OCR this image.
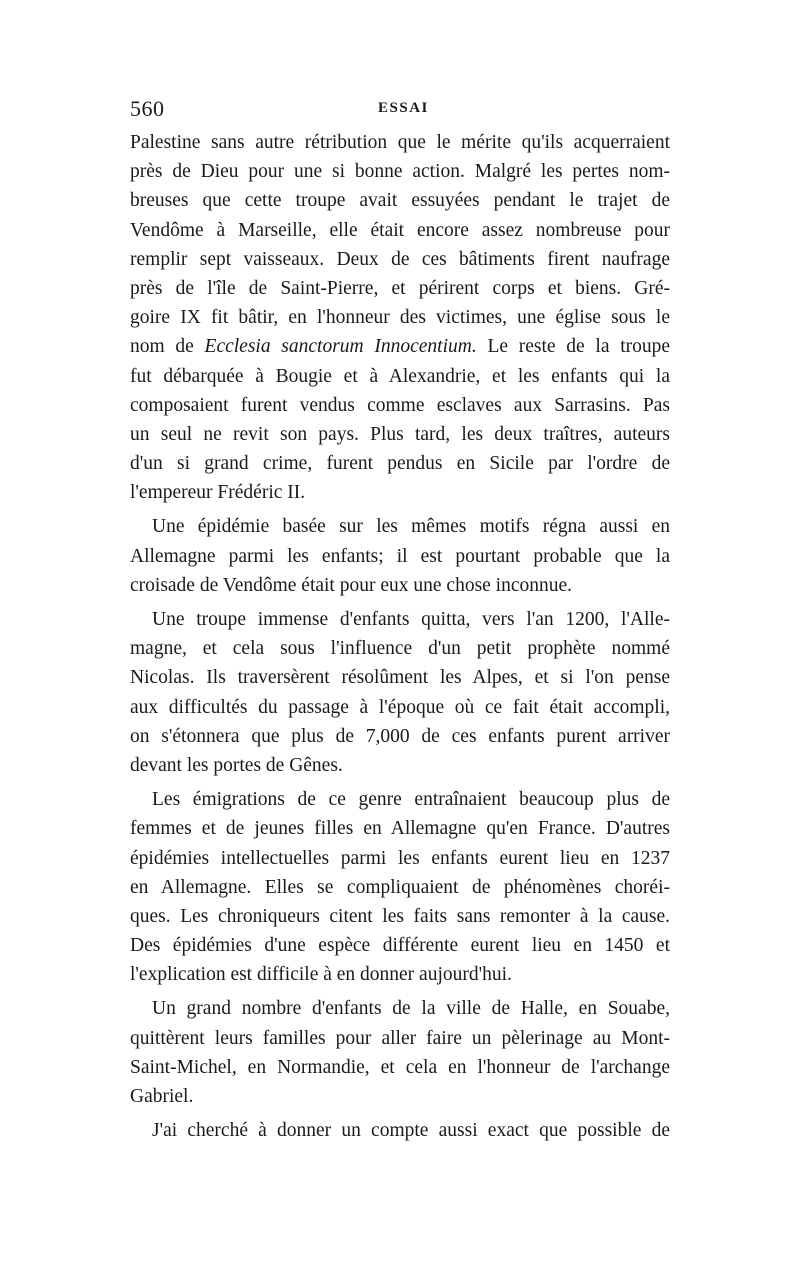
560	ESSAI
Palestine sans autre rétribution que le mérite qu'ils acquerraient
près de Dieu pour une si bonne action. Malgré les pertes nom-
breuses que cette troupe avait essuyées pendant le trajet de
Vendôme à Marseille, elle était encore assez nombreuse pour
remplir sept vaisseaux. Deux de ces bâtiments firent naufrage
près de l'île de Saint-Pierre, et périrent corps et biens. Gré-
goire IX fit bâtir, en l'honneur des victimes, une église sous le
nom de Ecclesia sanctorum Innocentium. Le reste de la troupe
fut débarquée à Bougie et à Alexandrie, et les enfants qui la
composaient furent vendus comme esclaves aux Sarrasins. Pas
un seul ne revit son pays. Plus tard, les deux traîtres, auteurs
d'un si grand crime, furent pendus en Sicile par l'ordre de
l'empereur Frédéric II.
Une épidémie basée sur les mêmes motifs régna aussi en
Allemagne parmi les enfants; il est pourtant probable que la
croisade de Vendôme était pour eux une chose inconnue.
Une troupe immense d'enfants quitta, vers l'an 1200, l'Alle-
magne, et cela sous l'influence d'un petit prophète nommé
Nicolas. Ils traversèrent résolûment les Alpes, et si l'on pense
aux difficultés du passage à l'époque où ce fait était accompli,
on s'étonnera que plus de 7,000 de ces enfants purent arriver
devant les portes de Gênes.
Les émigrations de ce genre entraînaient beaucoup plus de
femmes et de jeunes filles en Allemagne qu'en France. D'autres
épidémies intellectuelles parmi les enfants eurent lieu en 1237
en Allemagne. Elles se compliquaient de phénomènes choréi-
ques. Les chroniqueurs citent les faits sans remonter à la cause.
Des épidémies d'une espèce différente eurent lieu en 1450 et
l'explication est difficile à en donner aujourd'hui.
Un grand nombre d'enfants de la ville de Halle, en Souabe,
quittèrent leurs familles pour aller faire un pèlerinage au Mont-
Saint-Michel, en Normandie, et cela en l'honneur de l'archange
Gabriel.
J'ai cherché à donner un compte aussi exact que possible de
